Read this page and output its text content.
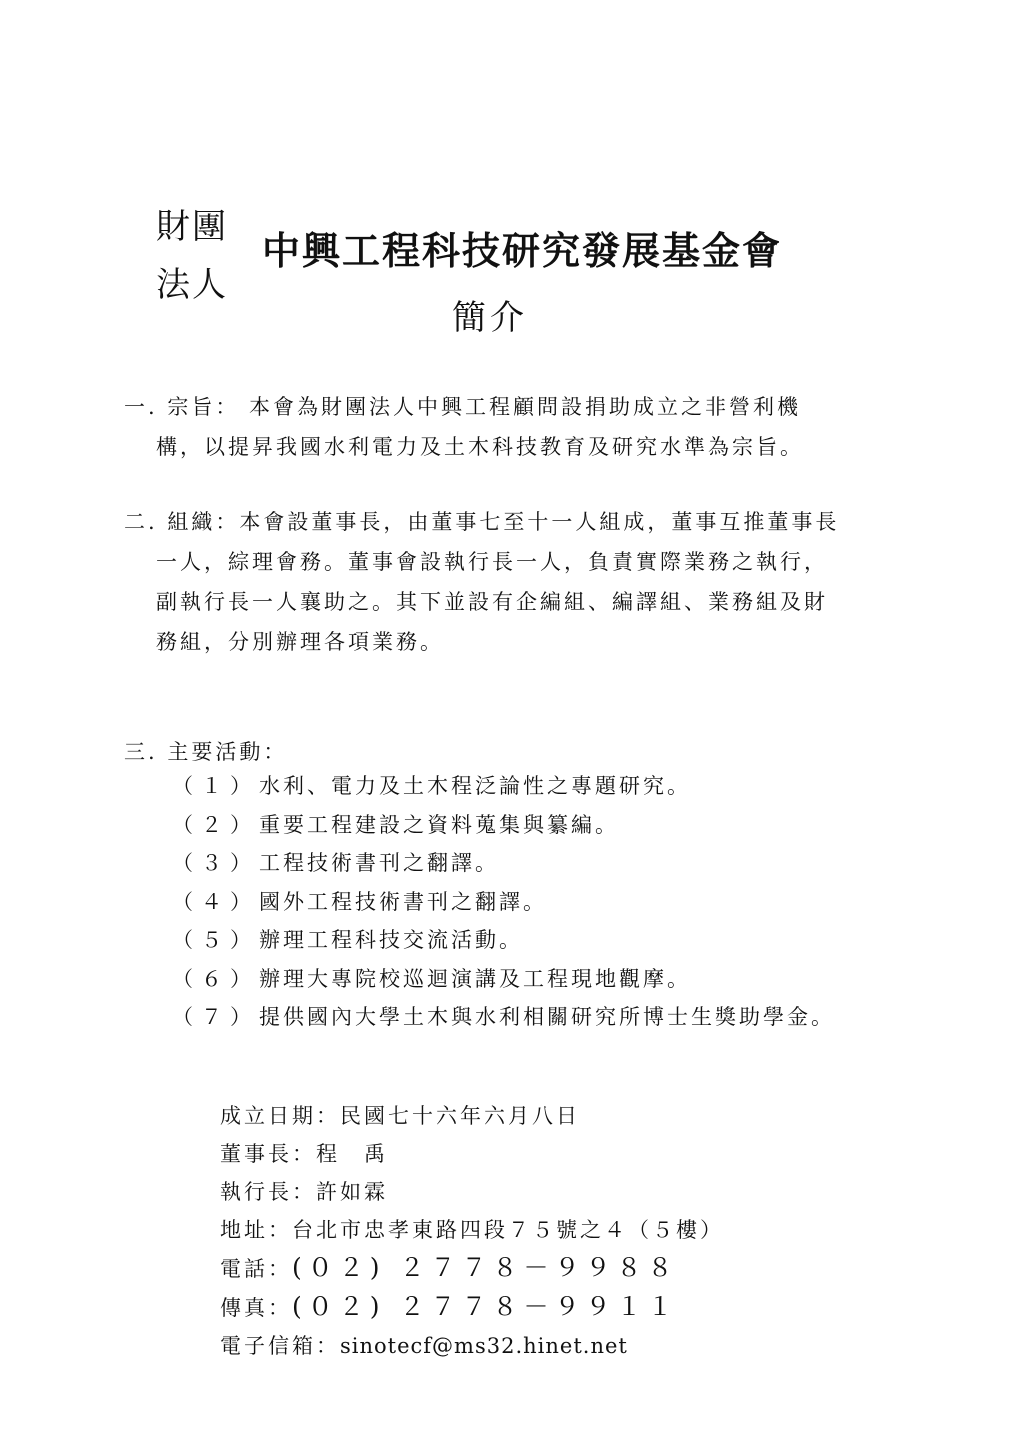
財團
法人
中興工程科技研究發展基金會
簡介
一. 宗旨： 本會為財團法人中興工程顧問設捐助成立之非營利機
構，以提昇我國水利電力及土木科技教育及研究水準為宗旨。
二. 組織：本會設董事長，由董事七至十一人組成，董事互推董事長
一人，綜理會務。董事會設執行長一人，負責實際業務之執行，
副執行長一人襄助之。其下並設有企編組、編譯組、業務組及財
務組，分別辦理各項業務。
三. 主要活動：
（１）水利、電力及土木程泛論性之專題研究。
（２）重要工程建設之資料蒐集與纂編。
（３）工程技術書刊之翻譯。
（４）國外工程技術書刊之翻譯。
（５）辦理工程科技交流活動。
（６）辦理大專院校巡迴演講及工程現地觀摩。
（７）提供國內大學土木與水利相關研究所博士生獎助學金。
成立日期：民國七十六年六月八日
董事長：程　禹
執行長：許如霖
地址：台北市忠孝東路四段７５號之４（５樓）
電話：(０２) ２７７８－９９８８
傳真：(０２) ２７７８－９９１１
電子信箱：sinotecf@ms32.hinet.net
